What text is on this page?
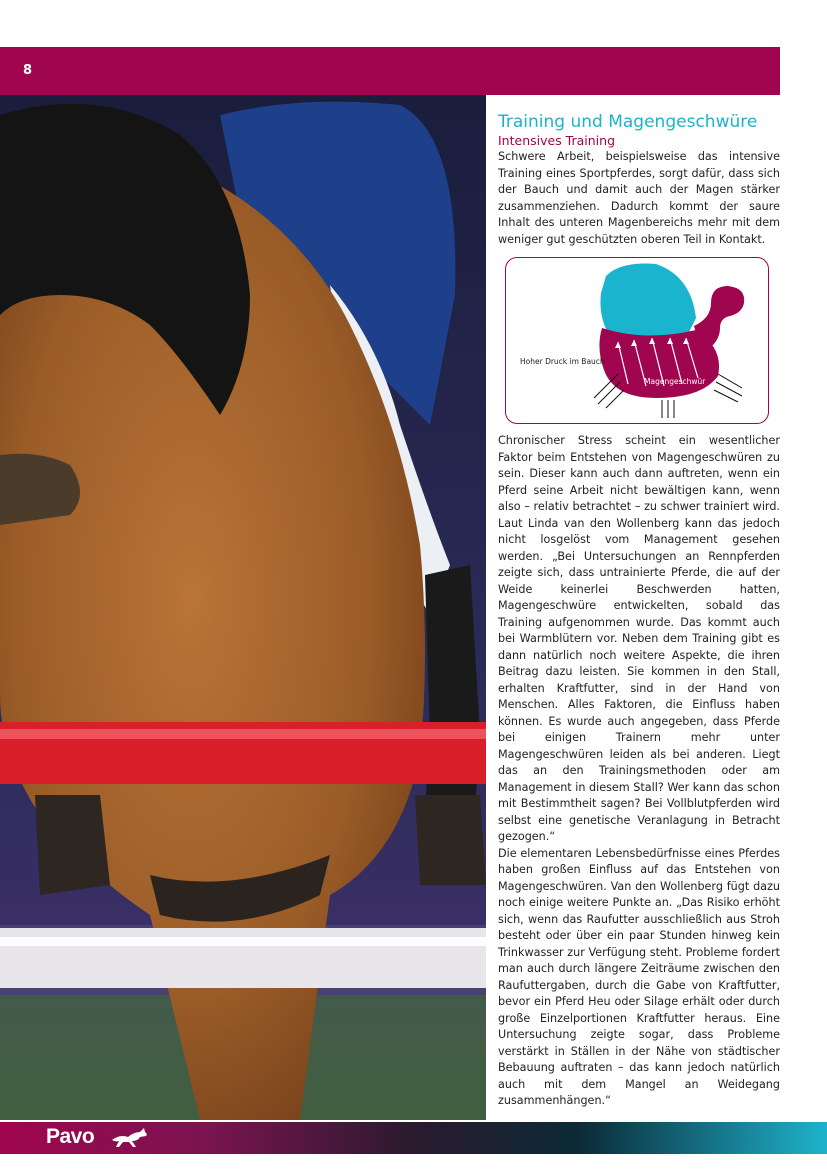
8
Training und Magengeschwüre
Intensives Training

Schwere Arbeit, beispielsweise das intensive Training eines Sportpferdes, sorgt dafür, dass sich der Bauch und damit auch der Magen stärker zusammenziehen. Dadurch kommt der saure Inhalt des unteren Magenbereichs mehr mit dem weniger gut geschützten oberen Teil in Kontakt.

Hoher Druck im Bauch
Magengeschwür

Chronischer Stress scheint ein wesentlicher Faktor beim Entstehen von Magengeschwüren zu sein. Dieser kann auch dann auftreten, wenn ein Pferd seine Arbeit nicht bewältigen kann, wenn also – relativ betrachtet – zu schwer trainiert wird. Laut Linda van den Wollenberg kann das jedoch nicht losgelöst vom Management gesehen werden. „Bei Untersuchungen an Rennpferden zeigte sich, dass untrainierte Pferde, die auf der Weide keinerlei Beschwerden hatten, Magengeschwüre entwickelten, sobald das Training aufgenommen wurde. Das kommt auch bei Warmblütern vor. Neben dem Training gibt es dann natürlich noch weitere Aspekte, die ihren Beitrag dazu leisten. Sie kommen in den Stall, erhalten Kraftfutter, sind in der Hand von Menschen. Alles Faktoren, die Einfluss haben können. Es wurde auch angegeben, dass Pferde bei einigen Trainern mehr unter Magengeschwüren leiden als bei anderen. Liegt das an den Trainingsmethoden oder am Management in diesem Stall? Wer kann das schon mit Bestimmtheit sagen? Bei Vollblutpferden wird selbst eine genetische Veranlagung in Betracht gezogen.“

Die elementaren Lebensbedürfnisse eines Pferdes haben großen Einfluss auf das Entstehen von Magengeschwüren. Van den Wollenberg fügt dazu noch einige weitere Punkte an. „Das Risiko erhöht sich, wenn das Raufutter ausschließlich aus Stroh besteht oder über ein paar Stunden hinweg kein Trinkwasser zur Verfügung steht. Probleme fordert man auch durch längere Zeiträume zwischen den Raufuttergaben, durch die Gabe von Kraftfutter, bevor ein Pferd Heu oder Silage erhält oder durch große Einzelportionen Kraftfutter heraus. Eine Untersuchung zeigte sogar, dass Probleme verstärkt in Ställen in der Nähe von städtischer Bebauung auftraten – das kann jedoch natürlich auch mit dem Mangel an Weidegang zusammenhängen.“

Pavo
